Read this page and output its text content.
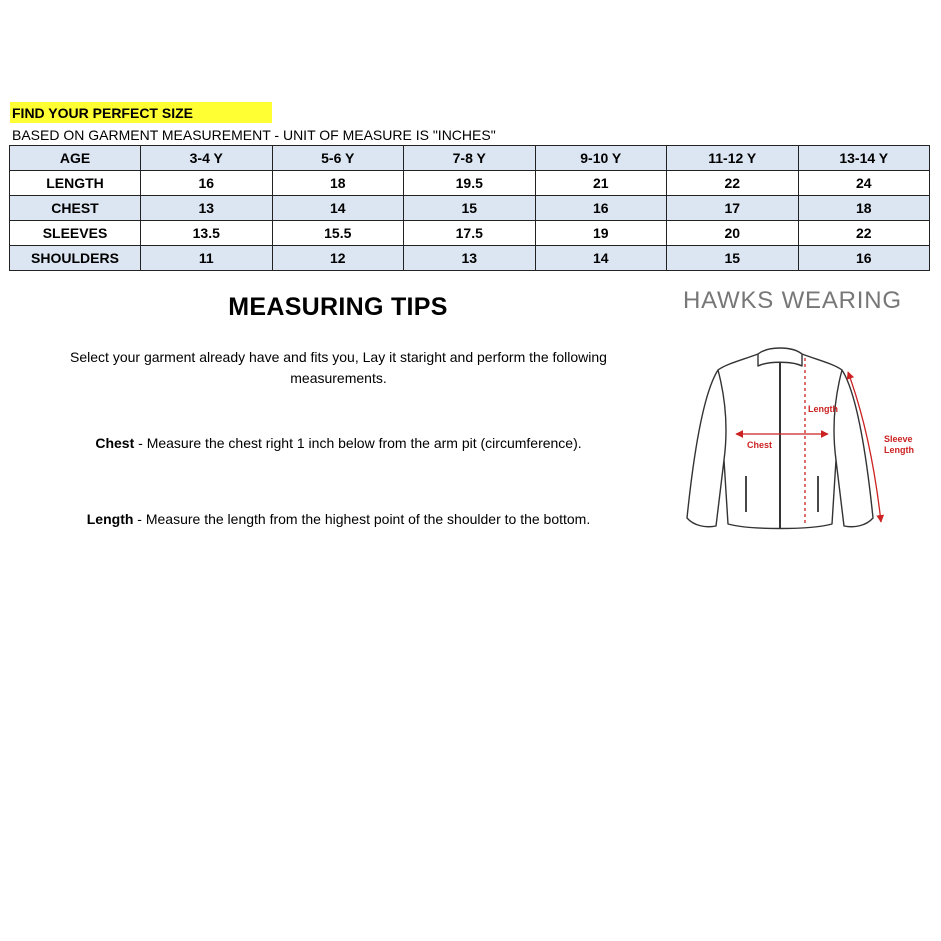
FIND YOUR PERFECT SIZE
BASED ON GARMENT MEASUREMENT - UNIT OF MEASURE IS "INCHES"
AGE	3-4 Y	5-6 Y	7-8 Y	9-10 Y	11-12 Y	13-14 Y
LENGTH	16	18	19.5	21	22	24
CHEST	13	14	15	16	17	18
SLEEVES	13.5	15.5	17.5	19	20	22
SHOULDERS	11	12	13	14	15	16
MEASURING TIPS
Select your garment already have and fits you, Lay it staright and perform the following measurements.
Chest - Measure the chest right 1 inch below from the arm pit (circumference).
Length - Measure the length from the highest point of the shoulder to the bottom.
HAWKS WEARING
Length
Chest
Sleeve
Length
